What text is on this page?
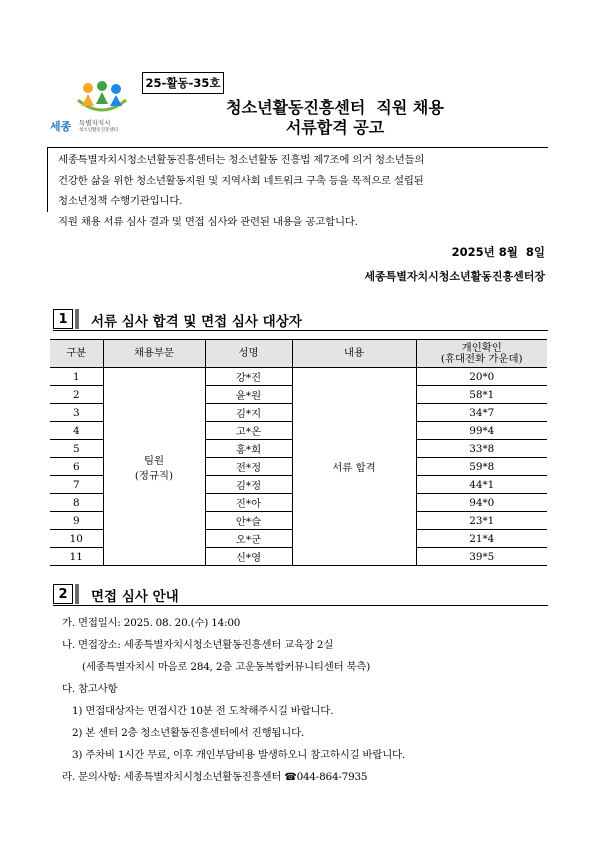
25-활동-35호
세종 특별자치시
청소년활동진흥센터
청소년활동진흥센터  직원 채용
서류합격 공고
세종특별자치시청소년활동진흥센터는 청소년활동 진흥법 제7조에 의거 청소년들의
건강한 삶을 위한 청소년활동지원 및 지역사회 네트워크 구축 등을 목적으로 설립된
청소년정책 수행기관입니다.
직원 채용 서류 심사 결과 및 면접 심사와 관련된 내용을 공고합니다.
2025년 8월  8일
세종특별자치시청소년활동진흥센터장
1	서류 심사 합격 및 면접 심사 대상자
구분	채용부문	성명	내용	개인확인
(휴대전화 가운데)

1	팀원
(정규직)	강*진	서류 합격	20*0
2		윤*원		58*1
3		김*지		34*7
4		고*온		99*4
5		홍*희		33*8
6		전*정		59*8
7		김*정		44*1
8		진*아		94*0
9		안*슬		23*1
10		오*군		21*4
11		신*영		39*5
2	면접 심사 안내
가. 면접일시: 2025. 08. 20.(수) 14:00
나. 면접장소: 세종특별자치시청소년활동진흥센터 교육장 2실
(세종특별자치시 마음로 284, 2층 고운동복합커뮤니티센터 북측)
다. 참고사항
1) 면접대상자는 면접시간 10분 전 도착해주시길 바랍니다.
2) 본 센터 2층 청소년활동진흥센터에서 진행됩니다.
3) 주차비 1시간 무료, 이후 개인부담비용 발생하오니 참고하시길 바랍니다.
라. 문의사항: 세종특별자치시청소년활동진흥센터 ☎044-864-7935
